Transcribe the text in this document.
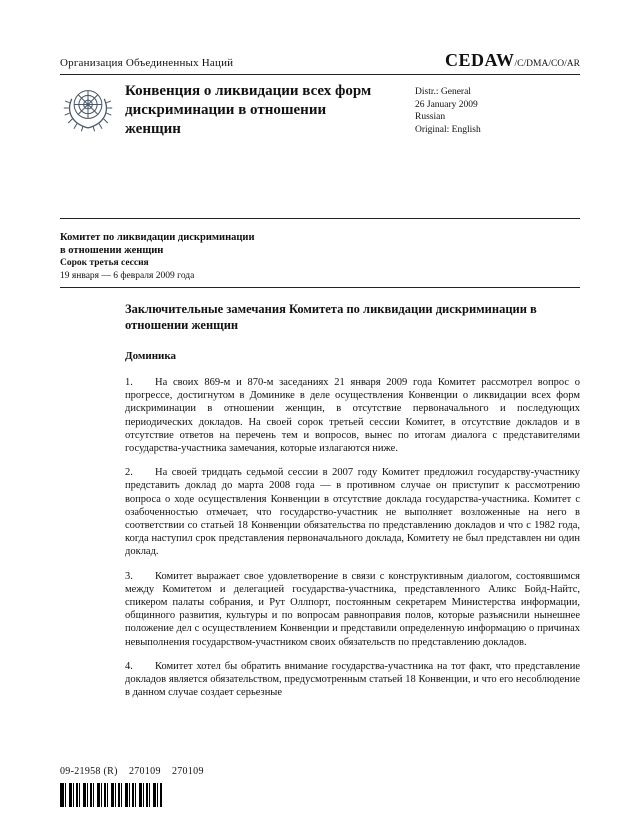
Организация Объединенных Наций	CEDAW/C/DMA/CO/AR
Конвенция о ликвидации всех форм дискриминации в отношении женщин
Distr.: General
26 January 2009
Russian
Original: English
Комитет по ликвидации дискриминации
в отношении женщин
Сорок третья сессия
19 января — 6 февраля 2009 года
Заключительные замечания Комитета по ликвидации дискриминации в отношении женщин
Доминика

1. На своих 869-м и 870-м заседаниях 21 января 2009 года Комитет рассмотрел вопрос о прогрессе, достигнутом в Доминике в деле осуществления Конвенции о ликвидации всех форм дискриминации в отношении женщин, в отсутствие первоначального и последующих периодических докладов. На своей сорок третьей сессии Комитет, в отсутствие докладов и в отсутствие ответов на перечень тем и вопросов, вынес по итогам диалога с представителями государства-участника замечания, которые излагаются ниже.

2. На своей тридцать седьмой сессии в 2007 году Комитет предложил государству-участнику представить доклад до марта 2008 года — в противном случае он приступит к рассмотрению вопроса о ходе осуществления Конвенции в отсутствие доклада государства-участника. Комитет с озабоченностью отмечает, что государство-участник не выполняет возложенные на него в соответствии со статьей 18 Конвенции обязательства по представлению докладов и что с 1982 года, когда наступил срок представления первоначального доклада, Комитету не был представлен ни один доклад.

3. Комитет выражает свое удовлетворение в связи с конструктивным диалогом, состоявшимся между Комитетом и делегацией государства-участника, представленного Аликс Бойд-Найтс, спикером палаты собрания, и Рут Оллпорт, постоянным секретарем Министерства информации, общинного развития, культуры и по вопросам равноправия полов, которые разъяснили нынешнее положение дел с осуществлением Конвенции и представили определенную информацию о причинах невыполнения государством-участником своих обязательств по представлению докладов.

4. Комитет хотел бы обратить внимание государства-участника на тот факт, что представление докладов является обязательством, предусмотренным статьей 18 Конвенции, и что его несоблюдение в данном случае создает серьезные

09-21958 (R)    270109    270109
